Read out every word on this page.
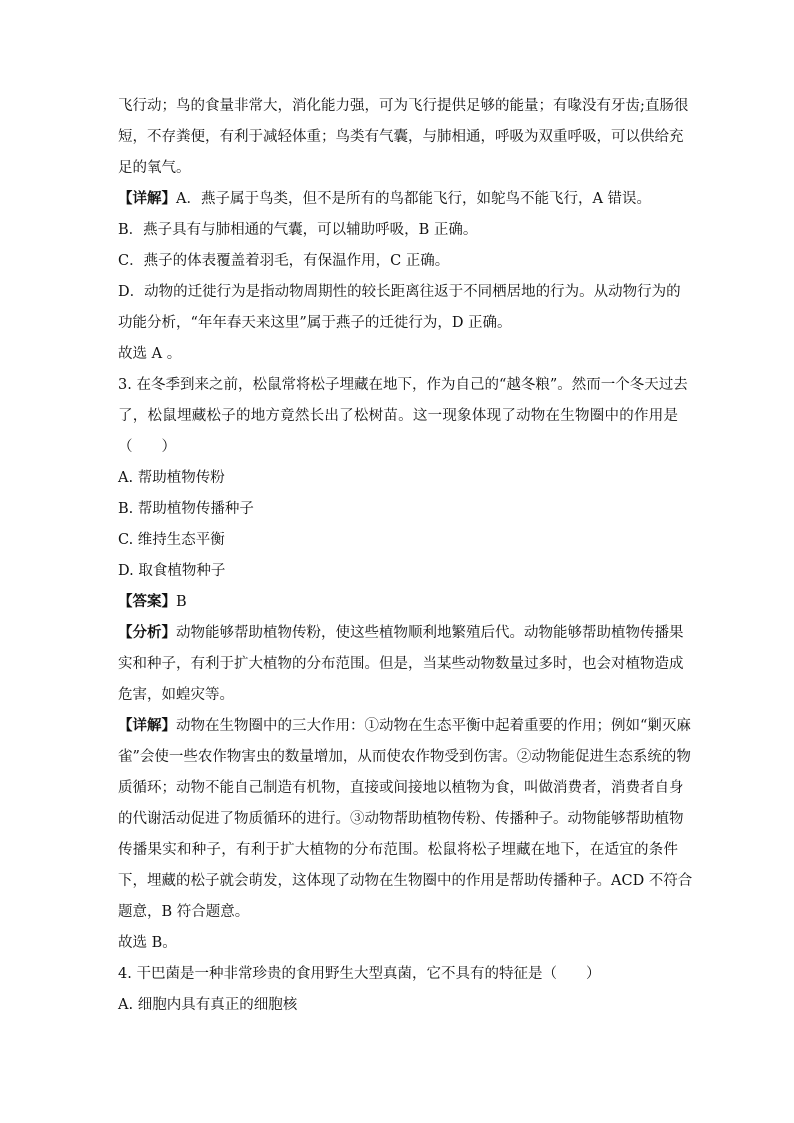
飞行动；鸟的食量非常大，消化能力强，可为飞行提供足够的能量；有喙没有牙齿;直肠很
短，不存粪便，有利于减轻体重；鸟类有气囊，与肺相通，呼吸为双重呼吸，可以供给充
足的氧气。
【详解】A．燕子属于鸟类，但不是所有的鸟都能飞行，如鸵鸟不能飞行，A 错误。
B．燕子具有与肺相通的气囊，可以辅助呼吸，B 正确。
C．燕子的体表覆盖着羽毛，有保温作用，C 正确。
D．动物的迁徙行为是指动物周期性的较长距离往返于不同栖居地的行为。从动物行为的
功能分析，“年年春天来这里”属于燕子的迁徙行为，D 正确。
故选 A 。
3. 在冬季到来之前，松鼠常将松子埋藏在地下，作为自己的“越冬粮”。然而一个冬天过去
了，松鼠埋藏松子的地方竟然长出了松树苗。这一现象体现了动物在生物圈中的作用是
（　　）
A. 帮助植物传粉
B. 帮助植物传播种子
C. 维持生态平衡
D. 取食植物种子
【答案】B
【分析】动物能够帮助植物传粉，使这些植物顺利地繁殖后代。动物能够帮助植物传播果
实和种子，有利于扩大植物的分布范围。但是，当某些动物数量过多时，也会对植物造成
危害，如蝗灾等。
【详解】动物在生物圈中的三大作用：①动物在生态平衡中起着重要的作用；例如“剿灭麻
雀”会使一些农作物害虫的数量增加，从而使农作物受到伤害。②动物能促进生态系统的物
质循环；动物不能自己制造有机物，直接或间接地以植物为食，叫做消费者，消费者自身
的代谢活动促进了物质循环的进行。③动物帮助植物传粉、传播种子。动物能够帮助植物
传播果实和种子，有利于扩大植物的分布范围。松鼠将松子埋藏在地下，在适宜的条件
下，埋藏的松子就会萌发，这体现了动物在生物圈中的作用是帮助传播种子。ACD 不符合
题意，B 符合题意。
故选 B。
4. 干巴菌是一种非常珍贵的食用野生大型真菌，它不具有的特征是（　　）
A. 细胞内具有真正的细胞核
